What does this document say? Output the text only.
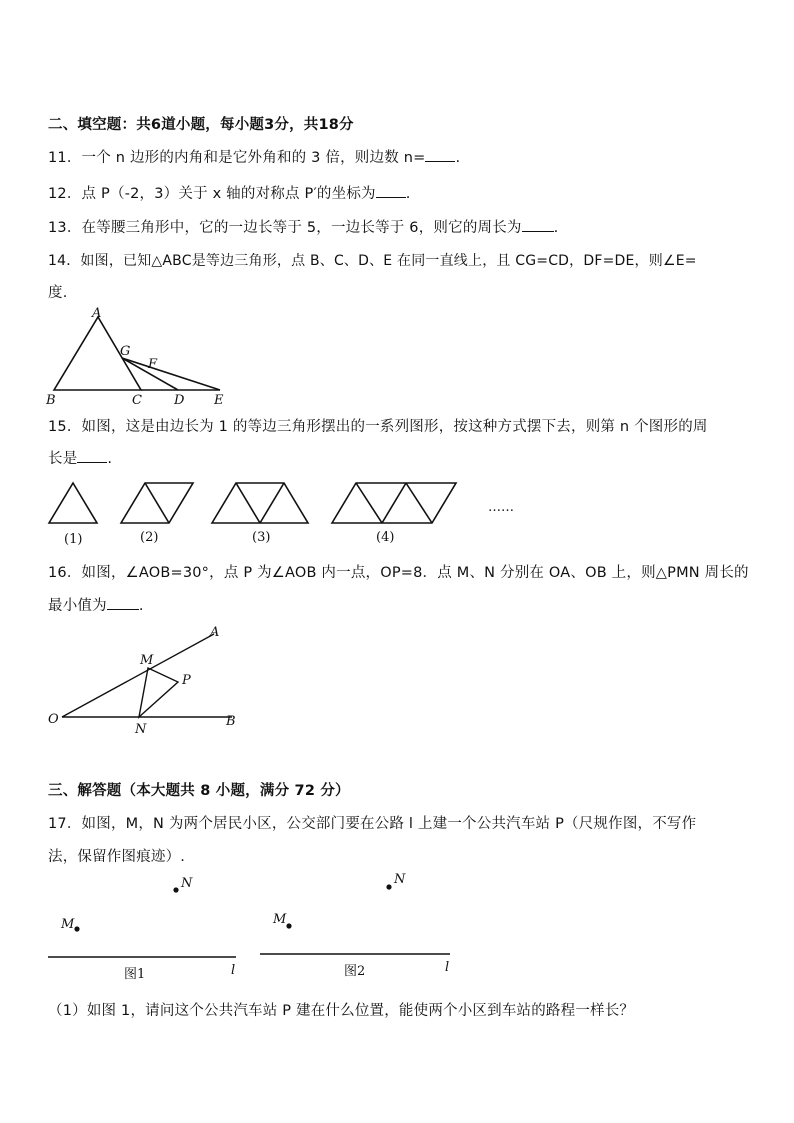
二、填空题：共6道小题，每小题3分，共18分
11．一个 n 边形的内角和是它外角和的 3 倍，则边数 n= .
12．点 P（-2，3）关于 x 轴的对称点 P′的坐标为 .
13．在等腰三角形中，它的一边长等于 5，一边长等于 6，则它的周长为 .
14．如图，已知△ABC是等边三角形，点 B、C、D、E 在同一直线上，且 CG=CD，DF=DE，则∠E=
度.
A
G
F
B	C D E
15．如图，这是由边长为 1 的等边三角形摆出的一系列图形，按这种方式摆下去，则第 n 个图形的周
长是 .
……
(1)	(2)	(3)	(4)
16．如图，∠AOB=30°，点 P 为∠AOB 内一点，OP=8．点 M、N 分别在 OA、OB 上，则△PMN 周长的
最小值为 .
A
M
P
O
N
B
三、解答题（本大题共 8 小题，满分 72 分）
17．如图，M，N 为两个居民小区，公交部门要在公路 l 上建一个公共汽车站 P（尺规作图，不写作
法，保留作图痕迹）.
N
M
l
图1
N
M
l
图2
（1）如图 1，请问这个公共汽车站 P 建在什么位置，能使两个小区到车站的路程一样长？
